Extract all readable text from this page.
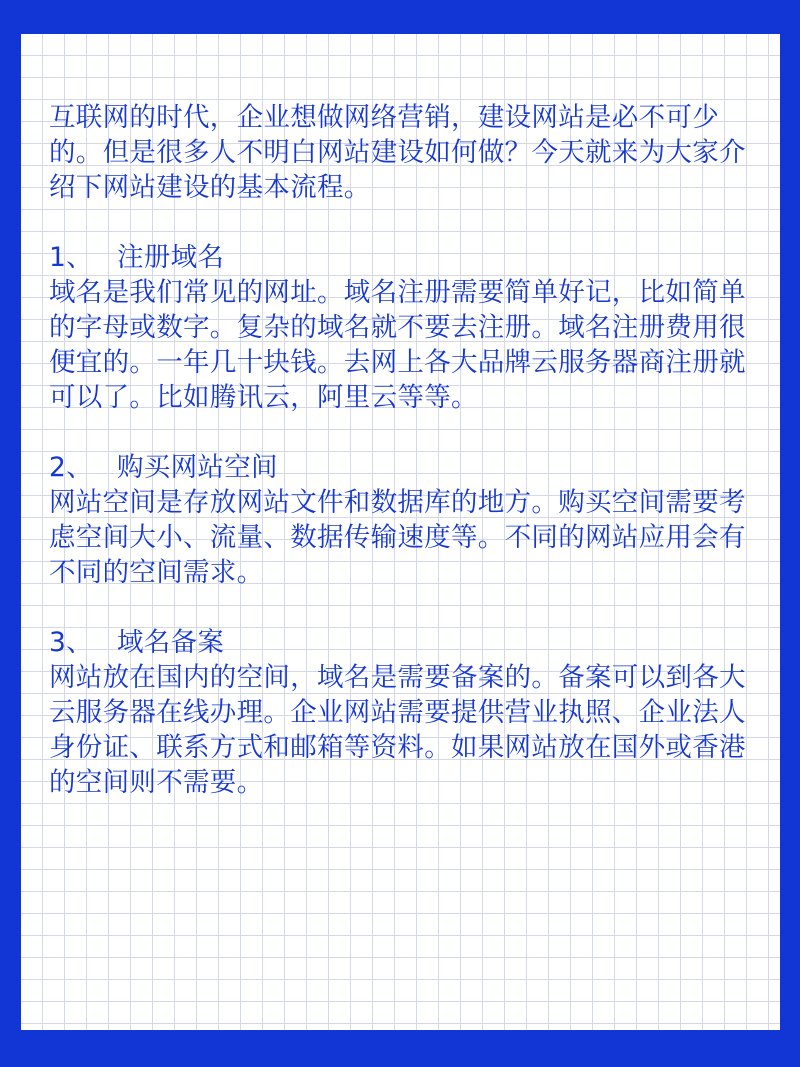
互联网的时代，企业想做网络营销，建设网站是必不可少的。但是很多人不明白网站建设如何做？今天就来为大家介绍下网站建设的基本流程。

1、 注册域名

域名是我们常见的网址。域名注册需要简单好记，比如简单的字母或数字。复杂的域名就不要去注册。域名注册费用很便宜的。一年几十块钱。去网上各大品牌云服务器商注册就可以了。比如腾讯云，阿里云等等。

2、 购买网站空间

网站空间是存放网站文件和数据库的地方。购买空间需要考虑空间大小、流量、数据传输速度等。不同的网站应用会有不同的空间需求。

3、 域名备案

网站放在国内的空间，域名是需要备案的。备案可以到各大云服务器在线办理。企业网站需要提供营业执照、企业法人身份证、联系方式和邮箱等资料。如果网站放在国外或香港的空间则不需要。
